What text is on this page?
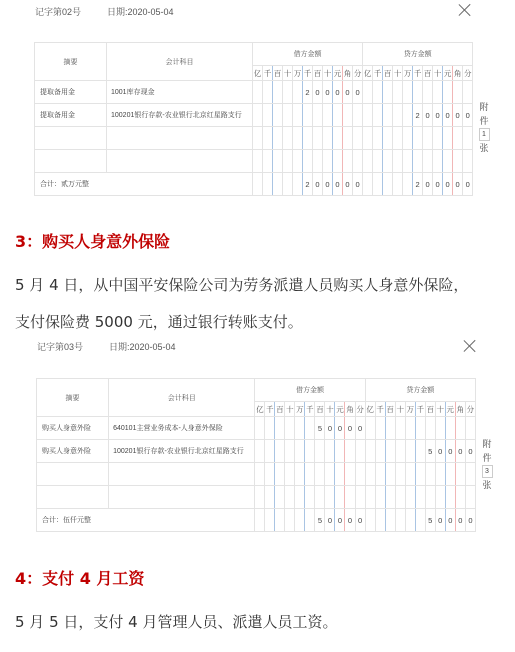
记字第02号	日期:2020-05-04
摘要	会计科目	借方金额											贷方金额										
		亿	千	百	十	万	千	百	十	元	角	分	亿	千	百	十	万	千	百	十	元	角	分
提取备用金	1001库存现金						2	0	0	0	0	0											
提取备用金	100201银行存款-农业银行北京红星路支行																	2	0	0	0	0	0

合计：贰万元整							2	0	0	0	0	0						2	0	0	0	0	0
附
件
1
张
3：购买人身意外保险
5 月 4 日，从中国平安保险公司为劳务派遣人员购买人身意外保险，
支付保险费 5000 元，通过银行转账支付。
记字第03号	日期:2020-05-04
摘要	会计科目	借方金额											贷方金额										
		亿	千	百	十	万	千	百	十	元	角	分	亿	千	百	十	万	千	百	十	元	角	分
购买人身意外险	640101主营业务成本-人身意外保险							5	0	0	0	0											
购买人身意外险	100201银行存款-农业银行北京红星路支行																		5	0	0	0	0

合计：伍仟元整								5	0	0	0	0							5	0	0	0	0
附
件
3
张
4：支付 4 月工资
5 月 5 日，支付 4 月管理人员、派遣人员工资。
